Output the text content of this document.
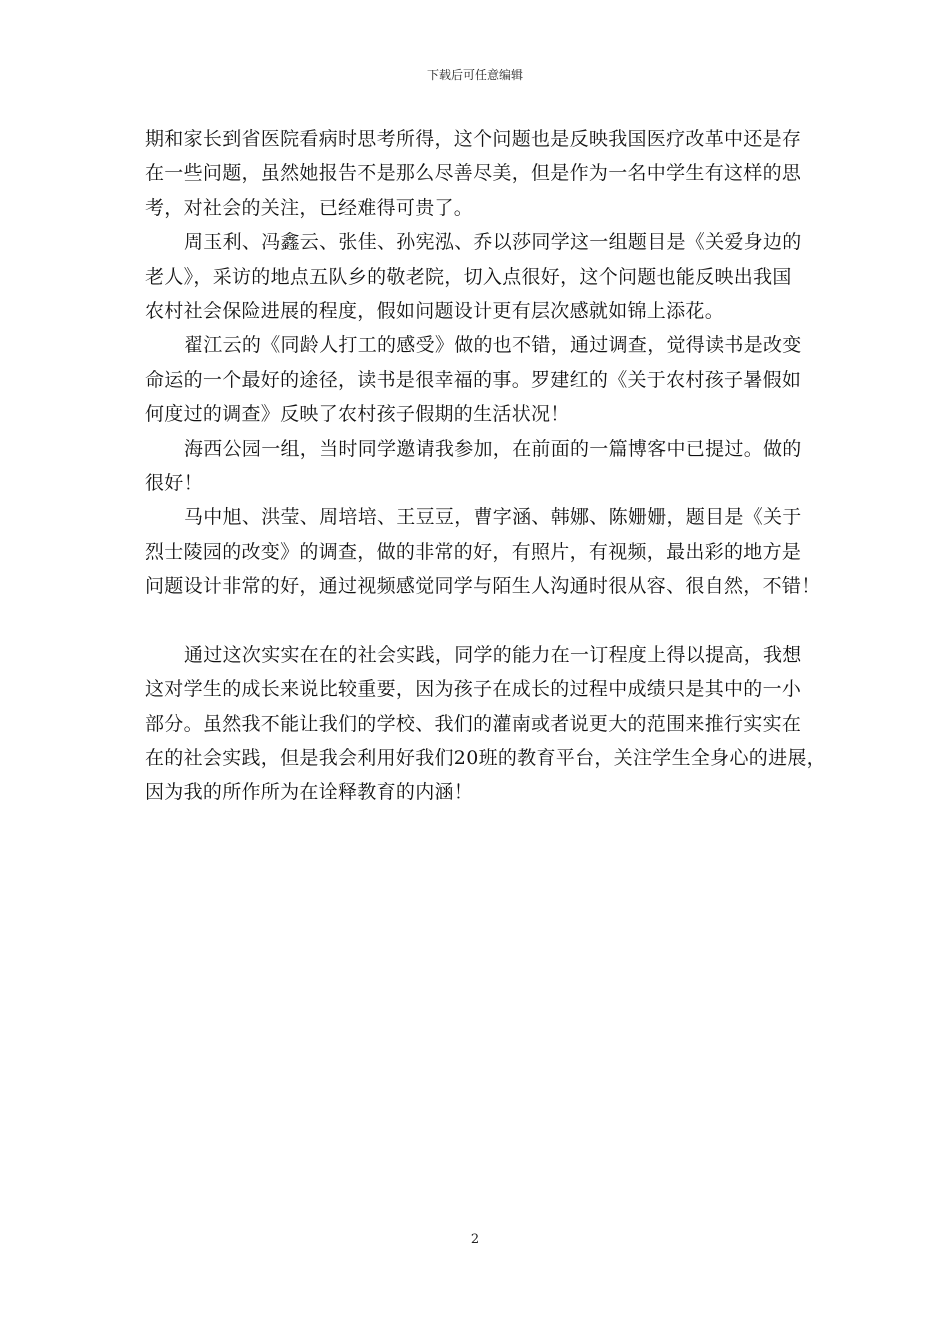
下载后可任意编辑
期和家长到省医院看病时思考所得，这个问题也是反映我国医疗改革中还是存
在一些问题，虽然她报告不是那么尽善尽美，但是作为一名中学生有这样的思
考，对社会的关注，已经难得可贵了。
周玉利、冯鑫云、张佳、孙宪泓、乔以莎同学这一组题目是《关爱身边的
老人》，采访的地点五队乡的敬老院，切入点很好，这个问题也能反映出我国
农村社会保险进展的程度，假如问题设计更有层次感就如锦上添花。
翟江云的《同龄人打工的感受》做的也不错，通过调查，觉得读书是改变
命运的一个最好的途径，读书是很幸福的事。罗建红的《关于农村孩子暑假如
何度过的调查》反映了农村孩子假期的生活状况！
海西公园一组，当时同学邀请我参加，在前面的一篇博客中已提过。做的
很好！
马中旭、洪莹、周培培、王豆豆，曹字涵、韩娜、陈姗姗，题目是《关于
烈士陵园的改变》的调查，做的非常的好，有照片，有视频，最出彩的地方是
问题设计非常的好，通过视频感觉同学与陌生人沟通时很从容、很自然，不错！
通过这次实实在在的社会实践，同学的能力在一订程度上得以提高，我想
这对学生的成长来说比较重要，因为孩子在成长的过程中成绩只是其中的一小
部分。虽然我不能让我们的学校、我们的灌南或者说更大的范围来推行实实在
在的社会实践，但是我会利用好我们20班的教育平台，关注学生全身心的进展，
因为我的所作所为在诠释教育的内涵！
2
